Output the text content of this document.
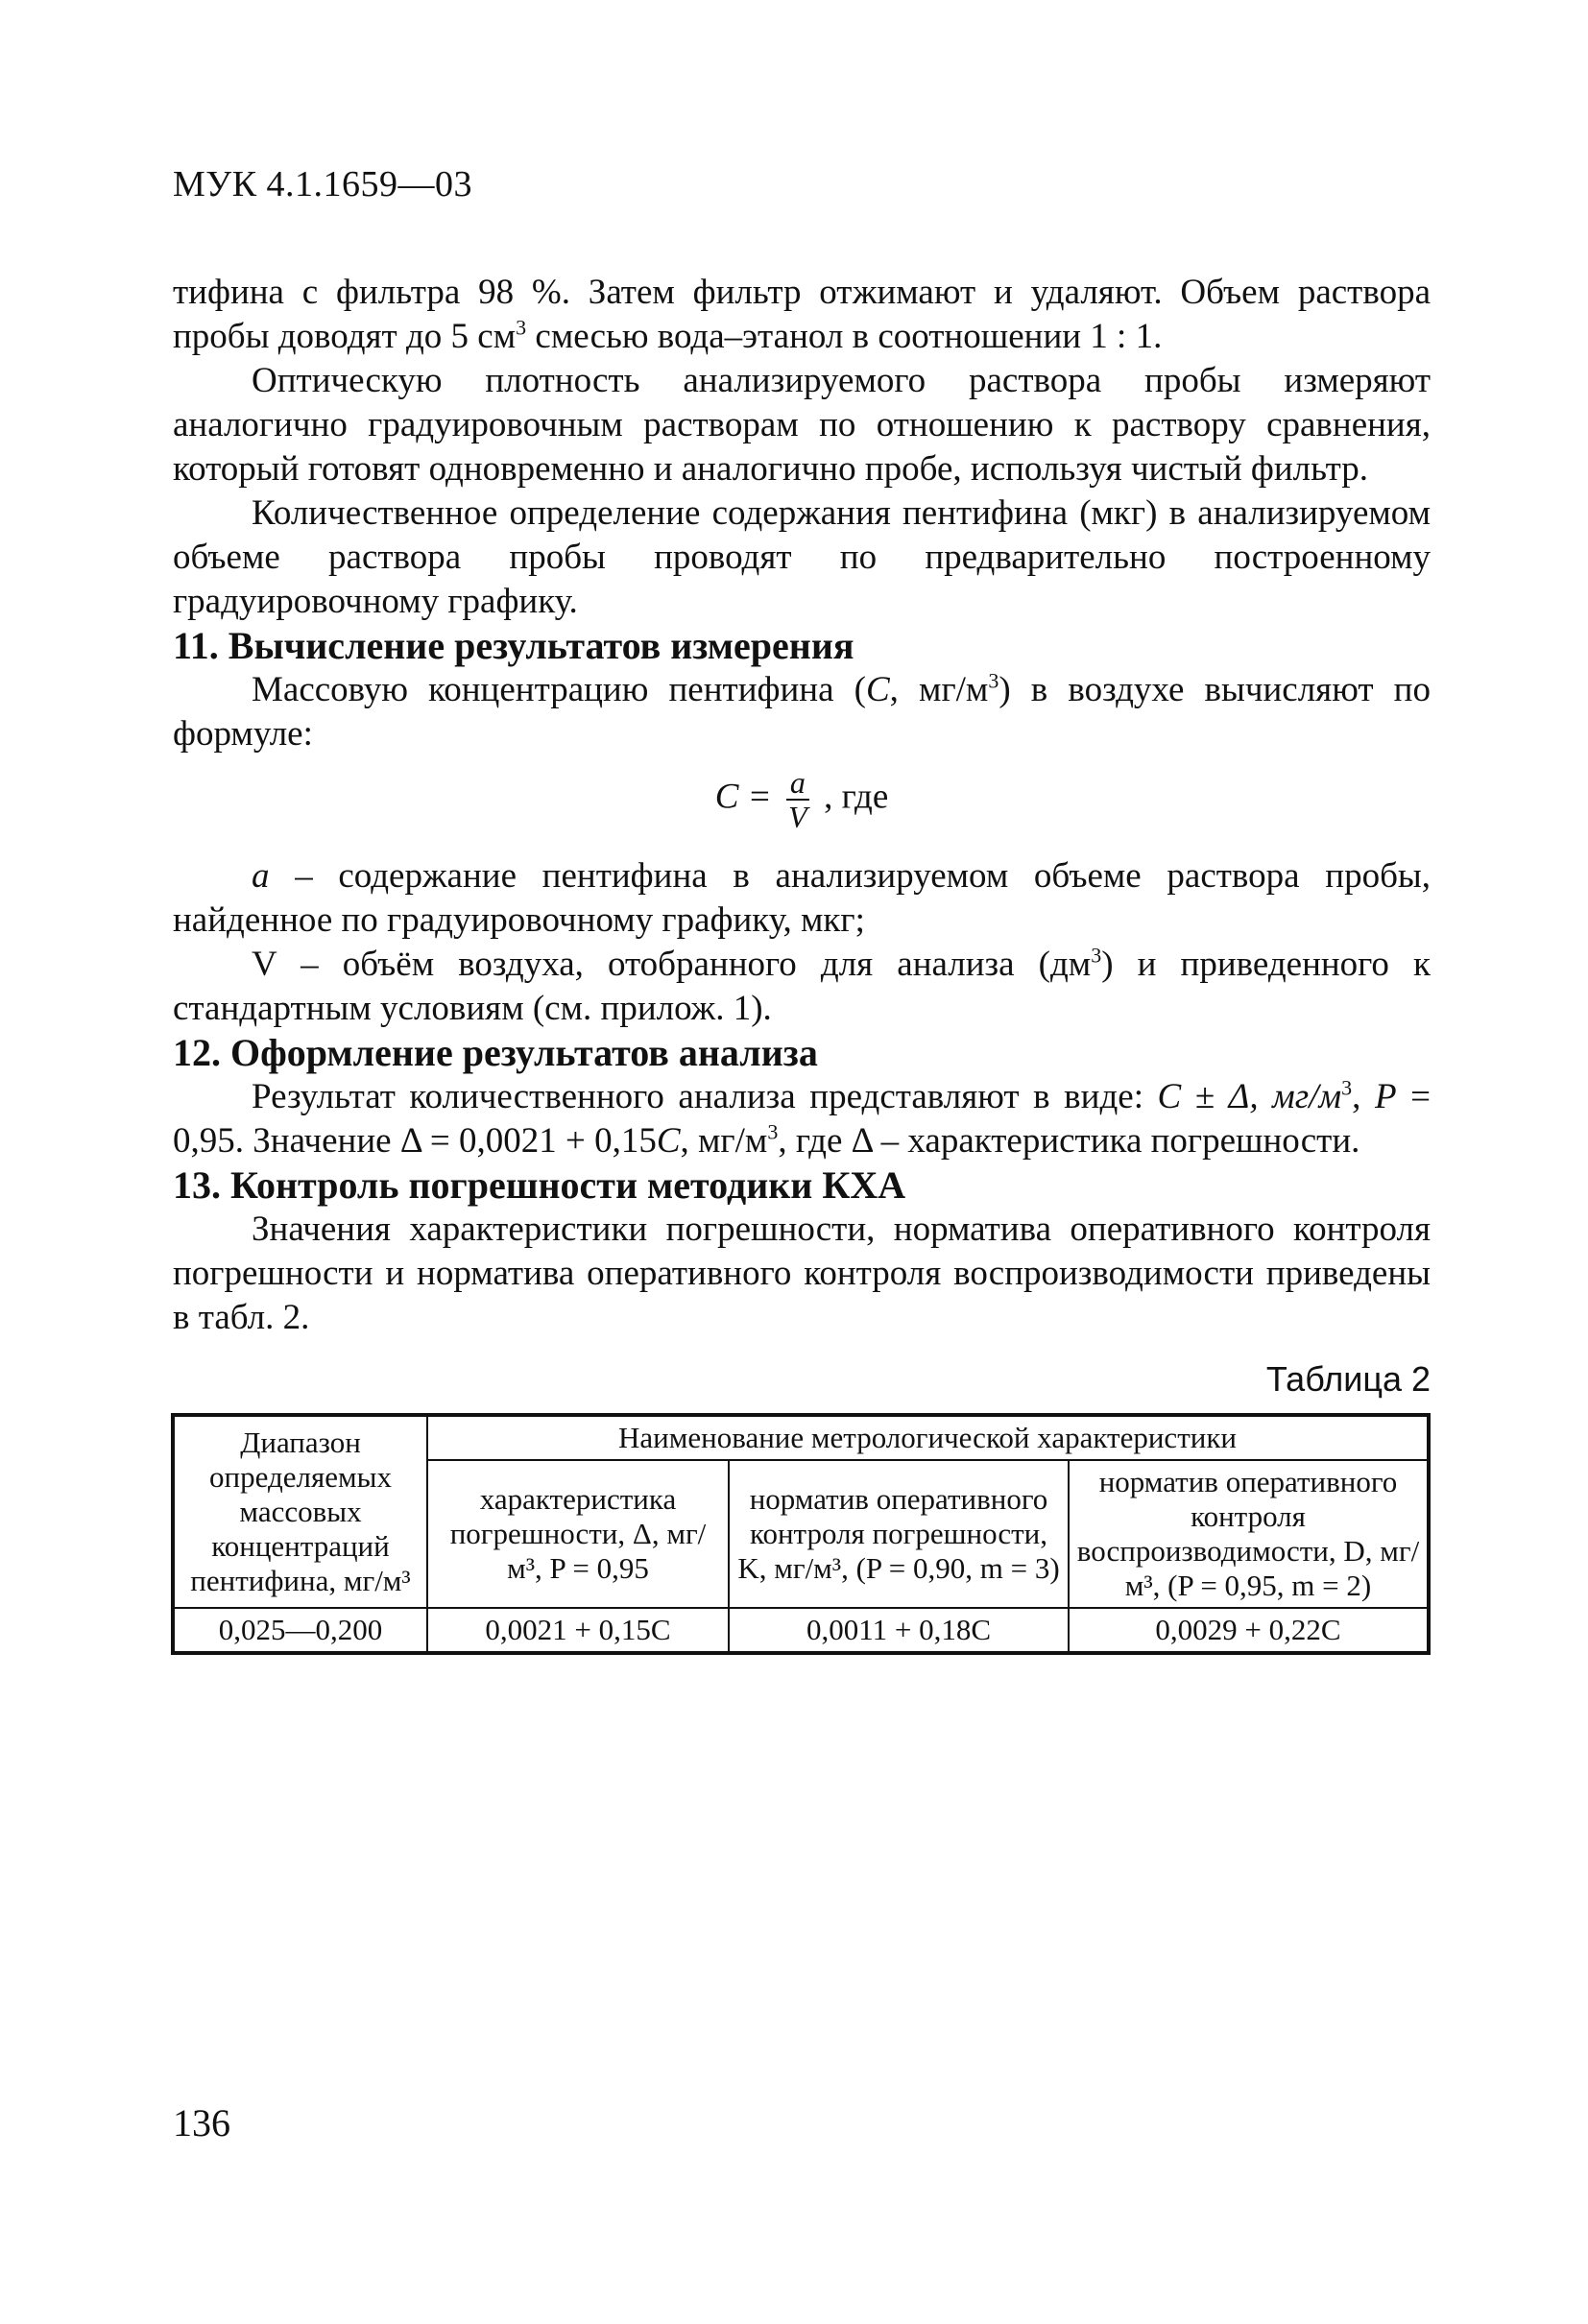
МУК 4.1.1659—03

тифина с фильтра 98 %. Затем фильтр отжимают и удаляют. Объем раствора пробы доводят до 5 $см^3$ смесью вода–этанол в соотношении 1 : 1.

Оптическую плотность анализируемого раствора пробы измеряют аналогично градуировочным растворам по отношению к раствору сравнения, который готовят одновременно и аналогично пробе, используя чистый фильтр.

Количественное определение содержания пентифина (мкг) в анализируемом объеме раствора пробы проводят по предварительно построенному градуировочному графику.

11. Вычисление результатов измерения

Массовую концентрацию пентифина (C, $мг/м^3$) в воздухе вычисляют по формуле:

$C = \frac{a}{V}$ , где

a – содержание пентифина в анализируемом объеме раствора пробы, найденное по градуировочному графику, мкг;

V – объём воздуха, отобранного для анализа $(дм^3)$ и приведенного к стандартным условиям (см. прилож. 1).

12. Оформление результатов анализа

Результат количественного анализа представляют в виде: C ± Δ, $мг/м^3$, P = 0,95. Значение Δ = 0,0021 + 0,15C, $мг/м^3$, где Δ – характеристика погрешности.

13. Контроль погрешности методики КХА

Значения характеристики погрешности, норматива оперативного контроля погрешности и норматива оперативного контроля воспроизводимости приведены в табл. 2.

Таблица 2
Диапазон определяемых массовых концентраций пентифина, мг/м³	Наименование метрологической характеристики		
	характеристика погрешности, Δ, мг/м³, P = 0,95	норматив оперативного контроля погрешности, K, мг/м³, (P = 0,90, m = 3)	норматив оперативного контроля воспроизводимости, D, мг/м³, (P = 0,95, m = 2)
0,025—0,200	0,0021 + 0,15C	0,0011 + 0,18C	0,0029 + 0,22C
136
